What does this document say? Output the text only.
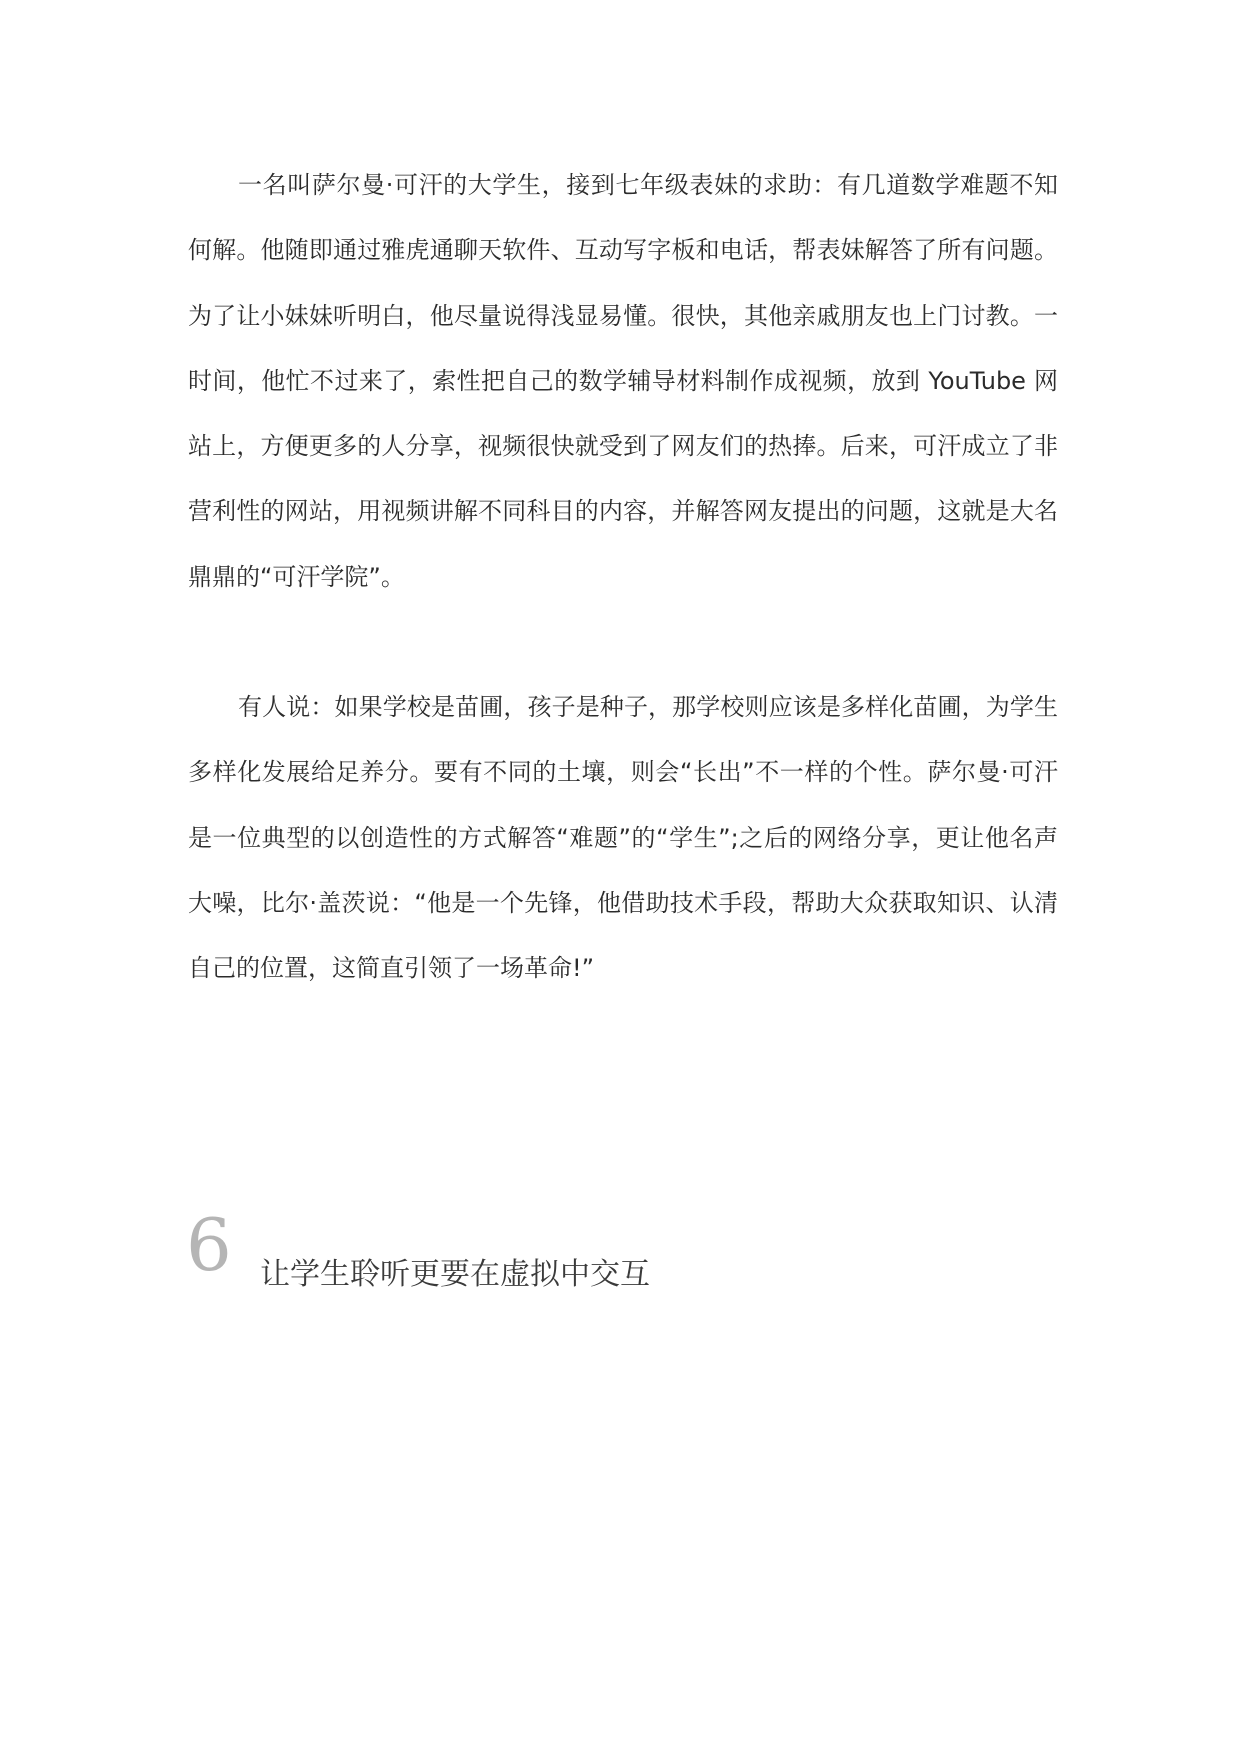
一名叫萨尔曼·可汗的大学生，接到七年级表妹的求助：有几道数学难题不知何解。他随即通过雅虎通聊天软件、互动写字板和电话，帮表妹解答了所有问题。为了让小妹妹听明白，他尽量说得浅显易懂。很快，其他亲戚朋友也上门讨教。一时间，他忙不过来了，索性把自己的数学辅导材料制作成视频，放到 YouTube 网站上，方便更多的人分享，视频很快就受到了网友们的热捧。后来，可汗成立了非营利性的网站，用视频讲解不同科目的内容，并解答网友提出的问题，这就是大名鼎鼎的“可汗学院”。

有人说：如果学校是苗圃，孩子是种子，那学校则应该是多样化苗圃，为学生多样化发展给足养分。要有不同的土壤，则会“长出”不一样的个性。萨尔曼·可汗是一位典型的以创造性的方式解答“难题”的“学生”;之后的网络分享，更让他名声大噪，比尔·盖茨说：“他是一个先锋，他借助技术手段，帮助大众获取知识、认清自己的位置，这简直引领了一场革命!”

6 让学生聆听更要在虚拟中交互
